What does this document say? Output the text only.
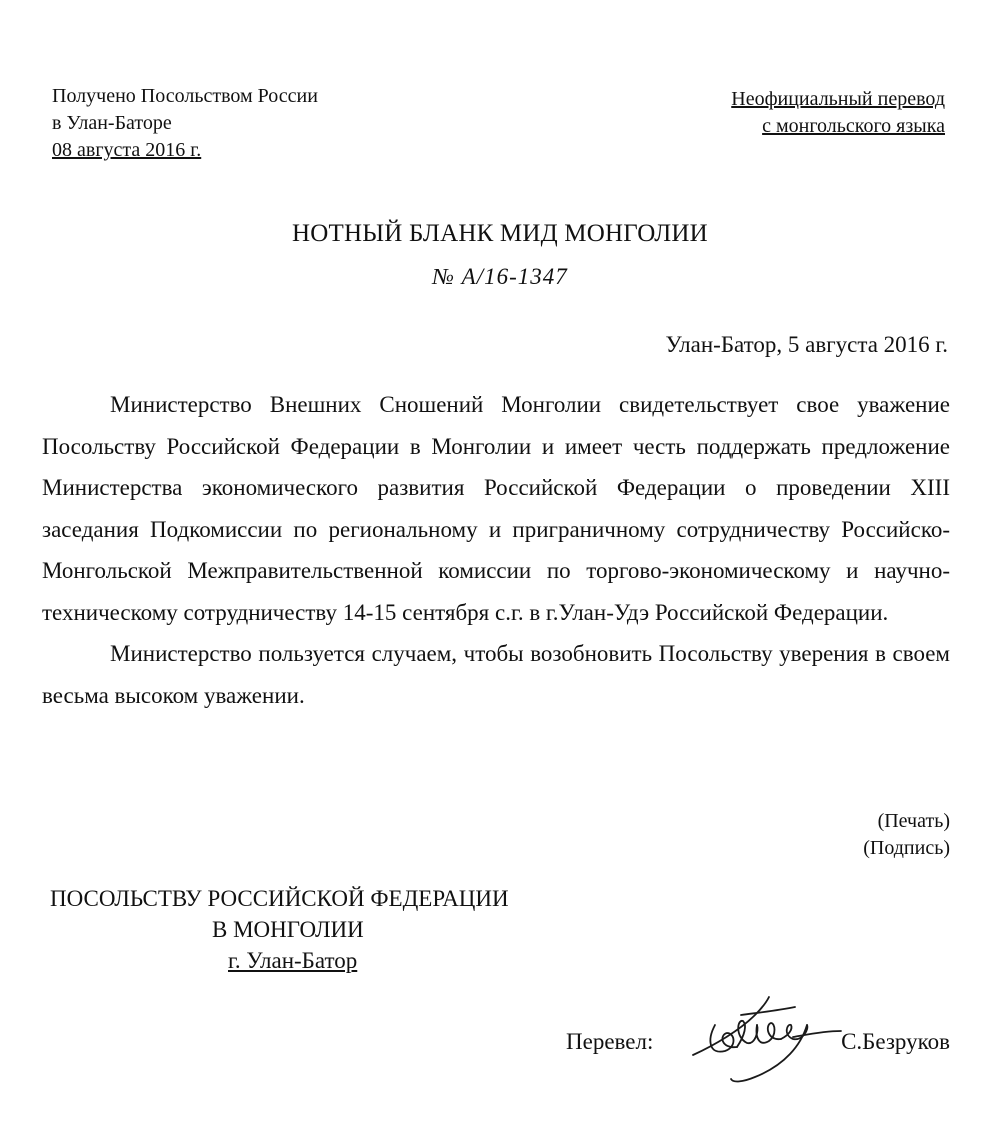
Получено Посольством России
в Улан-Баторе
08 августа 2016 г.
Неофициальный перевод
с монгольского языка
НОТНЫЙ БЛАНК МИД МОНГОЛИИ
№ А/16-1347
Улан-Батор, 5 августа 2016 г.

Министерство Внешних Сношений Монголии свидетельствует свое уважение Посольству Российской Федерации в Монголии и имеет честь поддержать предложение Министерства экономического развития Российской Федерации о проведении XIII заседания Подкомиссии по региональному и приграничному сотрудничеству Российско-Монгольской Межправительственной комиссии по торгово-экономическому и научно-техническому сотрудничеству 14-15 сентября с.г. в г.Улан-Удэ Российской Федерации.

Министерство пользуется случаем, чтобы возобновить Посольству уверения в своем весьма высоком уважении.

(Печать)
(Подпись)
ПОСОЛЬСТВУ РОССИЙСКОЙ ФЕДЕРАЦИИ
В МОНГОЛИИ
г. Улан-Батор
Перевел:	С.Безруков
